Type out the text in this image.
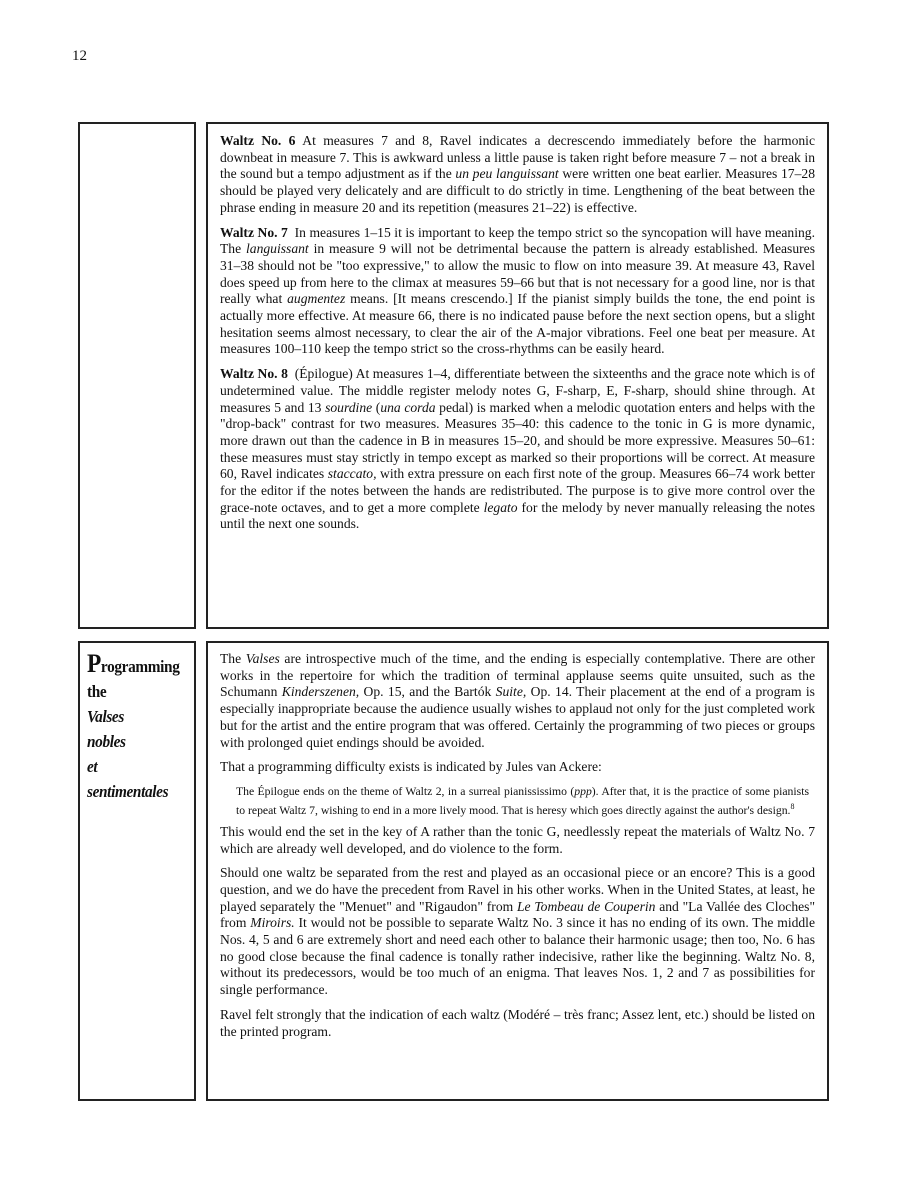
12
Waltz No. 6  At measures 7 and 8, Ravel indicates a decrescendo immediately before the harmonic downbeat in measure 7. This is awkward unless a little pause is taken right before measure 7 – not a break in the sound but a tempo adjustment as if the un peu languissant were written one beat earlier. Measures 17–28 should be played very delicately and are difficult to do strictly in time. Lengthening of the beat between the phrase ending in measure 20 and its repetition (measures 21–22) is effective.
Waltz No. 7  In measures 1–15 it is important to keep the tempo strict so the syncopation will have meaning. The languissant in measure 9 will not be detrimental because the pattern is already established. Measures 31–38 should not be "too expressive," to allow the music to flow on into measure 39. At measure 43, Ravel does speed up from here to the climax at measures 59–66 but that is not necessary for a good line, nor is that really what augmentez means. [It means crescendo.] If the pianist simply builds the tone, the end point is actually more effective. At measure 66, there is no indicated pause before the next section opens, but a slight hesitation seems almost necessary, to clear the air of the A-major vibrations. Feel one beat per measure. At measures 100–110 keep the tempo strict so the cross-rhythms can be easily heard.
Waltz No. 8  (Épilogue) At measures 1–4, differentiate between the sixteenths and the grace note which is of undetermined value. The middle register melody notes G, F-sharp, E, F-sharp, should shine through. At measures 5 and 13 sourdine (una corda pedal) is marked when a melodic quotation enters and helps with the "drop-back" contrast for two measures. Measures 35–40: this cadence to the tonic in G is more dynamic, more drawn out than the cadence in B in measures 15–20, and should be more expressive. Measures 50–61: these measures must stay strictly in tempo except as marked so their proportions will be correct. At measure 60, Ravel indicates staccato, with extra pressure on each first note of the group. Measures 66–74 work better for the editor if the notes between the hands are redistributed. The purpose is to give more control over the grace-note octaves, and to get a more complete legato for the melody by never manually releasing the notes until the next one sounds.
Programming
the
Valses
nobles
et
sentimentales
The Valses are introspective much of the time, and the ending is especially contemplative. There are other works in the repertoire for which the tradition of terminal applause seems quite unsuited, such as the Schumann Kinderszenen, Op. 15, and the Bartók Suite, Op. 14. Their placement at the end of a program is especially inappropriate because the audience usually wishes to applaud not only for the just completed work but for the artist and the entire program that was offered. Certainly the programming of two pieces or groups with prolonged quiet endings should be avoided.
That a programming difficulty exists is indicated by Jules van Ackere:
The Épilogue ends on the theme of Waltz 2, in a surreal pianississimo (ppp). After that, it is the practice of some pianists to repeat Waltz 7, wishing to end in a more lively mood. That is heresy which goes directly against the author's design.$^8$
This would end the set in the key of A rather than the tonic G, needlessly repeat the materials of Waltz No. 7 which are already well developed, and do violence to the form.
Should one waltz be separated from the rest and played as an occasional piece or an encore? This is a good question, and we do have the precedent from Ravel in his other works. When in the United States, at least, he played separately the "Menuet" and "Rigaudon" from Le Tombeau de Couperin and "La Vallée des Cloches" from Miroirs. It would not be possible to separate Waltz No. 3 since it has no ending of its own. The middle Nos. 4, 5 and 6 are extremely short and need each other to balance their harmonic usage; then too, No. 6 has no good close because the final cadence is tonally rather indecisive, rather like the beginning. Waltz No. 8, without its predecessors, would be too much of an enigma. That leaves Nos. 1, 2 and 7 as possibilities for single performance.
Ravel felt strongly that the indication of each waltz (Modéré – très franc; Assez lent, etc.) should be listed on the printed program.
